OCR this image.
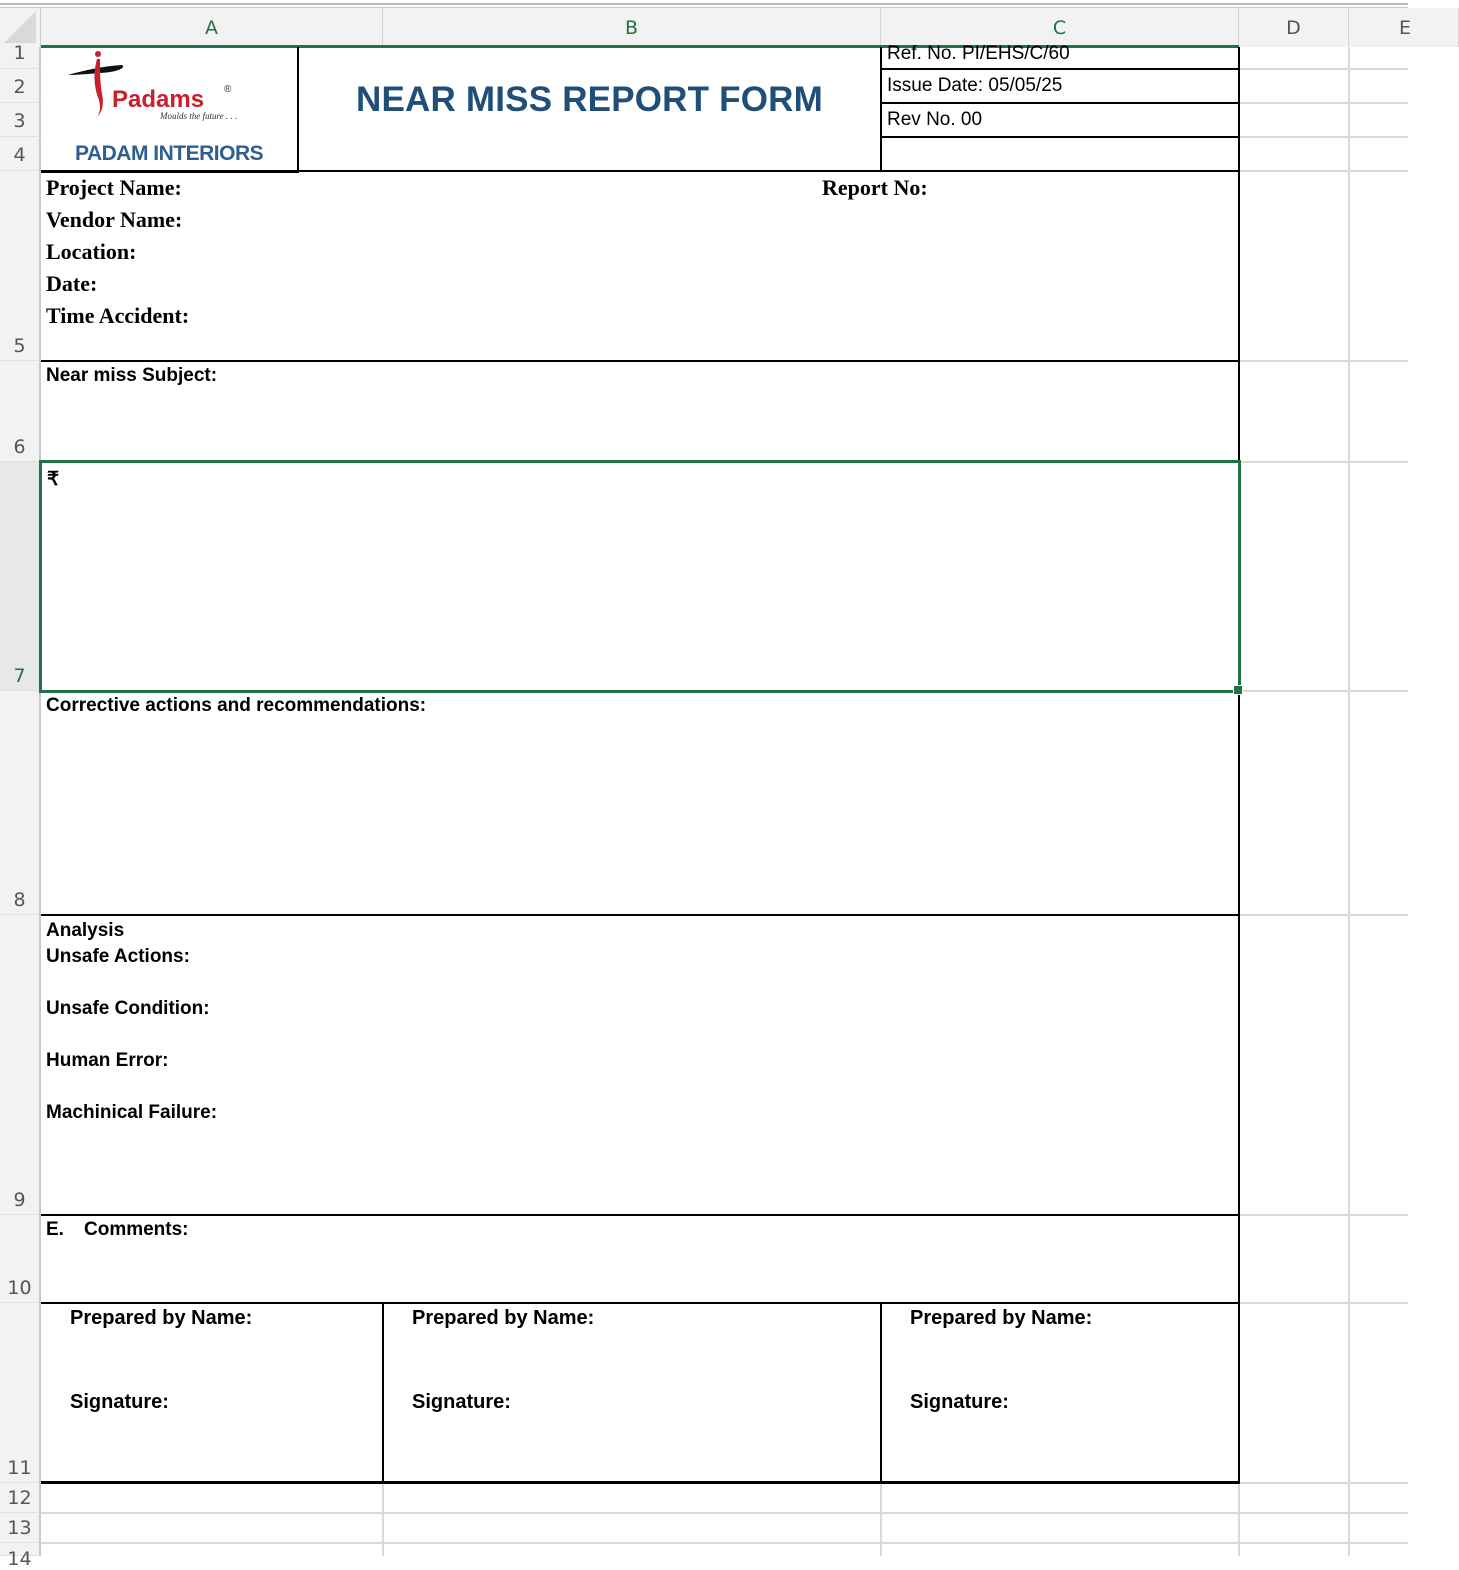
A	B	C	D	E
1
2
3
4
5
6
7
8
9
10
11
12
13
14
Padams ®
Moulds the future . . .
PADAM INTERIORS
NEAR MISS REPORT FORM
Ref. No. PI/EHS/C/60
Issue Date: 05/05/25
Rev No. 00
Project Name:
Vendor Name:
Location:
Date:
Time Accident:
Report No:
Near miss Subject:
₹
Corrective actions and recommendations:
Analysis
Unsafe Actions:
Unsafe Condition:
Human Error:
Machinical Failure:
E. Comments:
Prepared by Name:
Signature:
Prepared by Name:
Signature:
Prepared by Name:
Signature:
